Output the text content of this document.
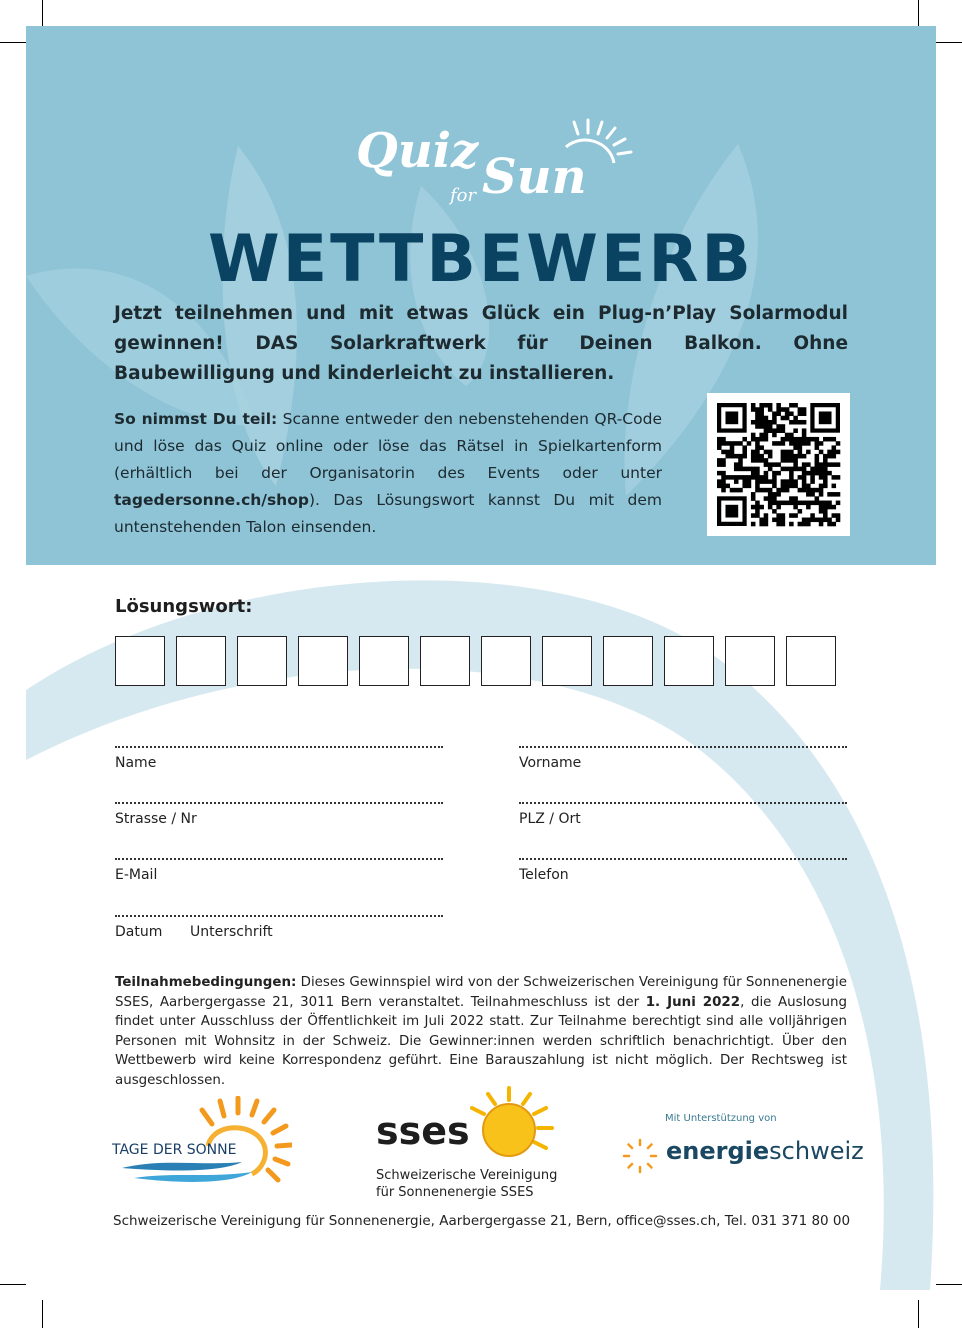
Quiz
for Sun
WETTBEWERB
Jetzt teilnehmen und mit etwas Glück ein Plug-n’Play Solarmodul gewinnen! DAS Solarkraftwerk für Deinen Balkon. Ohne Baubewilligung und kinderleicht zu installieren.
So nimmst Du teil: Scanne entweder den nebenstehenden QR-Code und löse das Quiz online oder löse das Rätsel in Spielkartenform (erhältlich bei der Organisatorin des Events oder unter tagedersonne.ch/shop). Das Lösungswort kannst Du mit dem untenstehenden Talon einsenden.
Lösungswort:
Name	Vorname
Strasse / Nr	PLZ / Ort
E-Mail	Telefon
Datum Unterschrift
Teilnahmebedingungen: Dieses Gewinnspiel wird von der Schweizerischen Vereinigung für Sonnenenergie SSES, Aarbergergasse 21, 3011 Bern veranstaltet. Teilnahmeschluss ist der 1. Juni 2022, die Auslosung findet unter Ausschluss der Öffentlichkeit im Juli 2022 statt. Zur Teilnahme berechtigt sind alle volljährigen Personen mit Wohnsitz in der Schweiz. Die Gewinner:innen werden schriftlich benachrichtigt. Über den Wettbewerb wird keine Korrespondenz geführt. Eine Barauszahlung ist nicht möglich. Der Rechtsweg ist ausgeschlossen.
TAGE DER SONNE	sses
Schweizerische Vereinigung
für Sonnenenergie SSES
Mit Unterstützung von
energieschweiz
Schweizerische Vereinigung für Sonnenenergie, Aarbergergasse 21, Bern, office@sses.ch, Tel. 031 371 80 00
